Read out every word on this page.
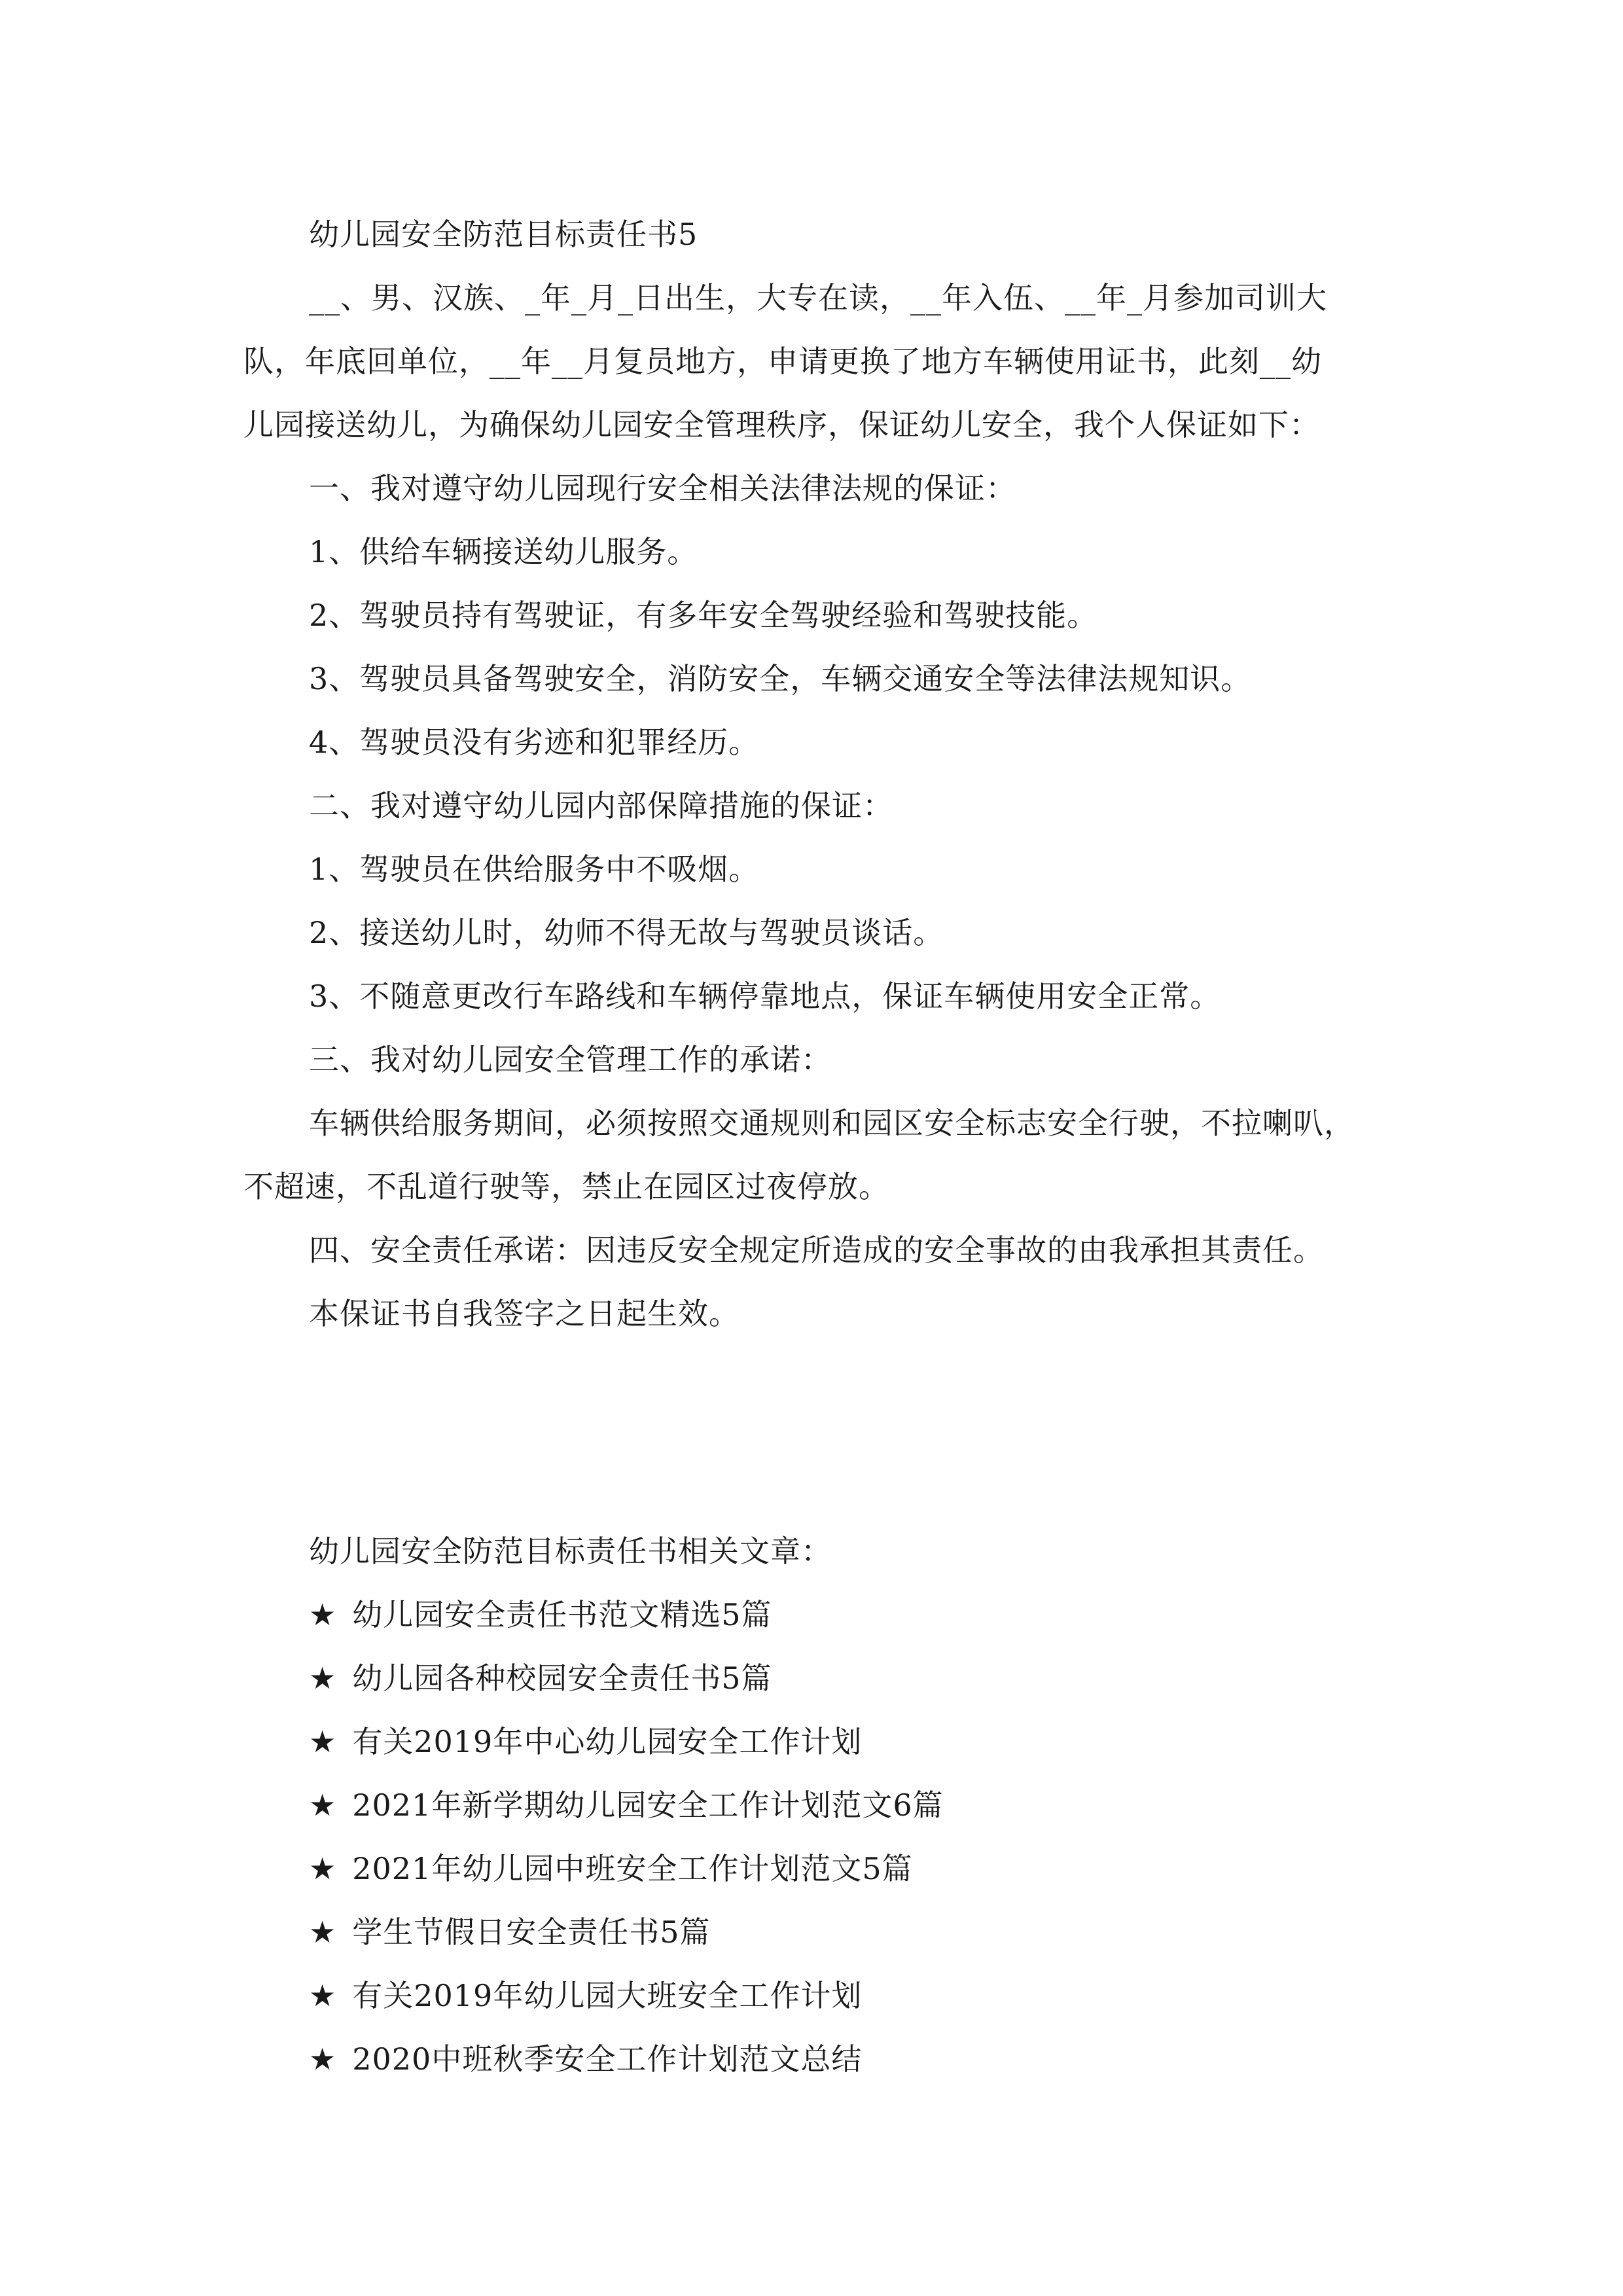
幼儿园安全防范目标责任书5

__、男、汉族、_年_月_日出生，大专在读，__年入伍、__年_月参加司训大

队，年底回单位，__年__月复员地方，申请更换了地方车辆使用证书，此刻__幼

儿园接送幼儿，为确保幼儿园安全管理秩序，保证幼儿安全，我个人保证如下：

一、我对遵守幼儿园现行安全相关法律法规的保证：

1、供给车辆接送幼儿服务。

2、驾驶员持有驾驶证，有多年安全驾驶经验和驾驶技能。

3、驾驶员具备驾驶安全，消防安全，车辆交通安全等法律法规知识。

4、驾驶员没有劣迹和犯罪经历。

二、我对遵守幼儿园内部保障措施的保证：

1、驾驶员在供给服务中不吸烟。

2、接送幼儿时，幼师不得无故与驾驶员谈话。

3、不随意更改行车路线和车辆停靠地点，保证车辆使用安全正常。

三、我对幼儿园安全管理工作的承诺：

车辆供给服务期间，必须按照交通规则和园区安全标志安全行驶，不拉喇叭，

不超速，不乱道行驶等，禁止在园区过夜停放。

四、安全责任承诺：因违反安全规定所造成的安全事故的由我承担其责任。

本保证书自我签字之日起生效。

幼儿园安全防范目标责任书相关文章：

★ 幼儿园安全责任书范文精选5篇

★ 幼儿园各种校园安全责任书5篇

★ 有关2019年中心幼儿园安全工作计划

★ 2021年新学期幼儿园安全工作计划范文6篇

★ 2021年幼儿园中班安全工作计划范文5篇

★ 学生节假日安全责任书5篇

★ 有关2019年幼儿园大班安全工作计划

★ 2020中班秋季安全工作计划范文总结
